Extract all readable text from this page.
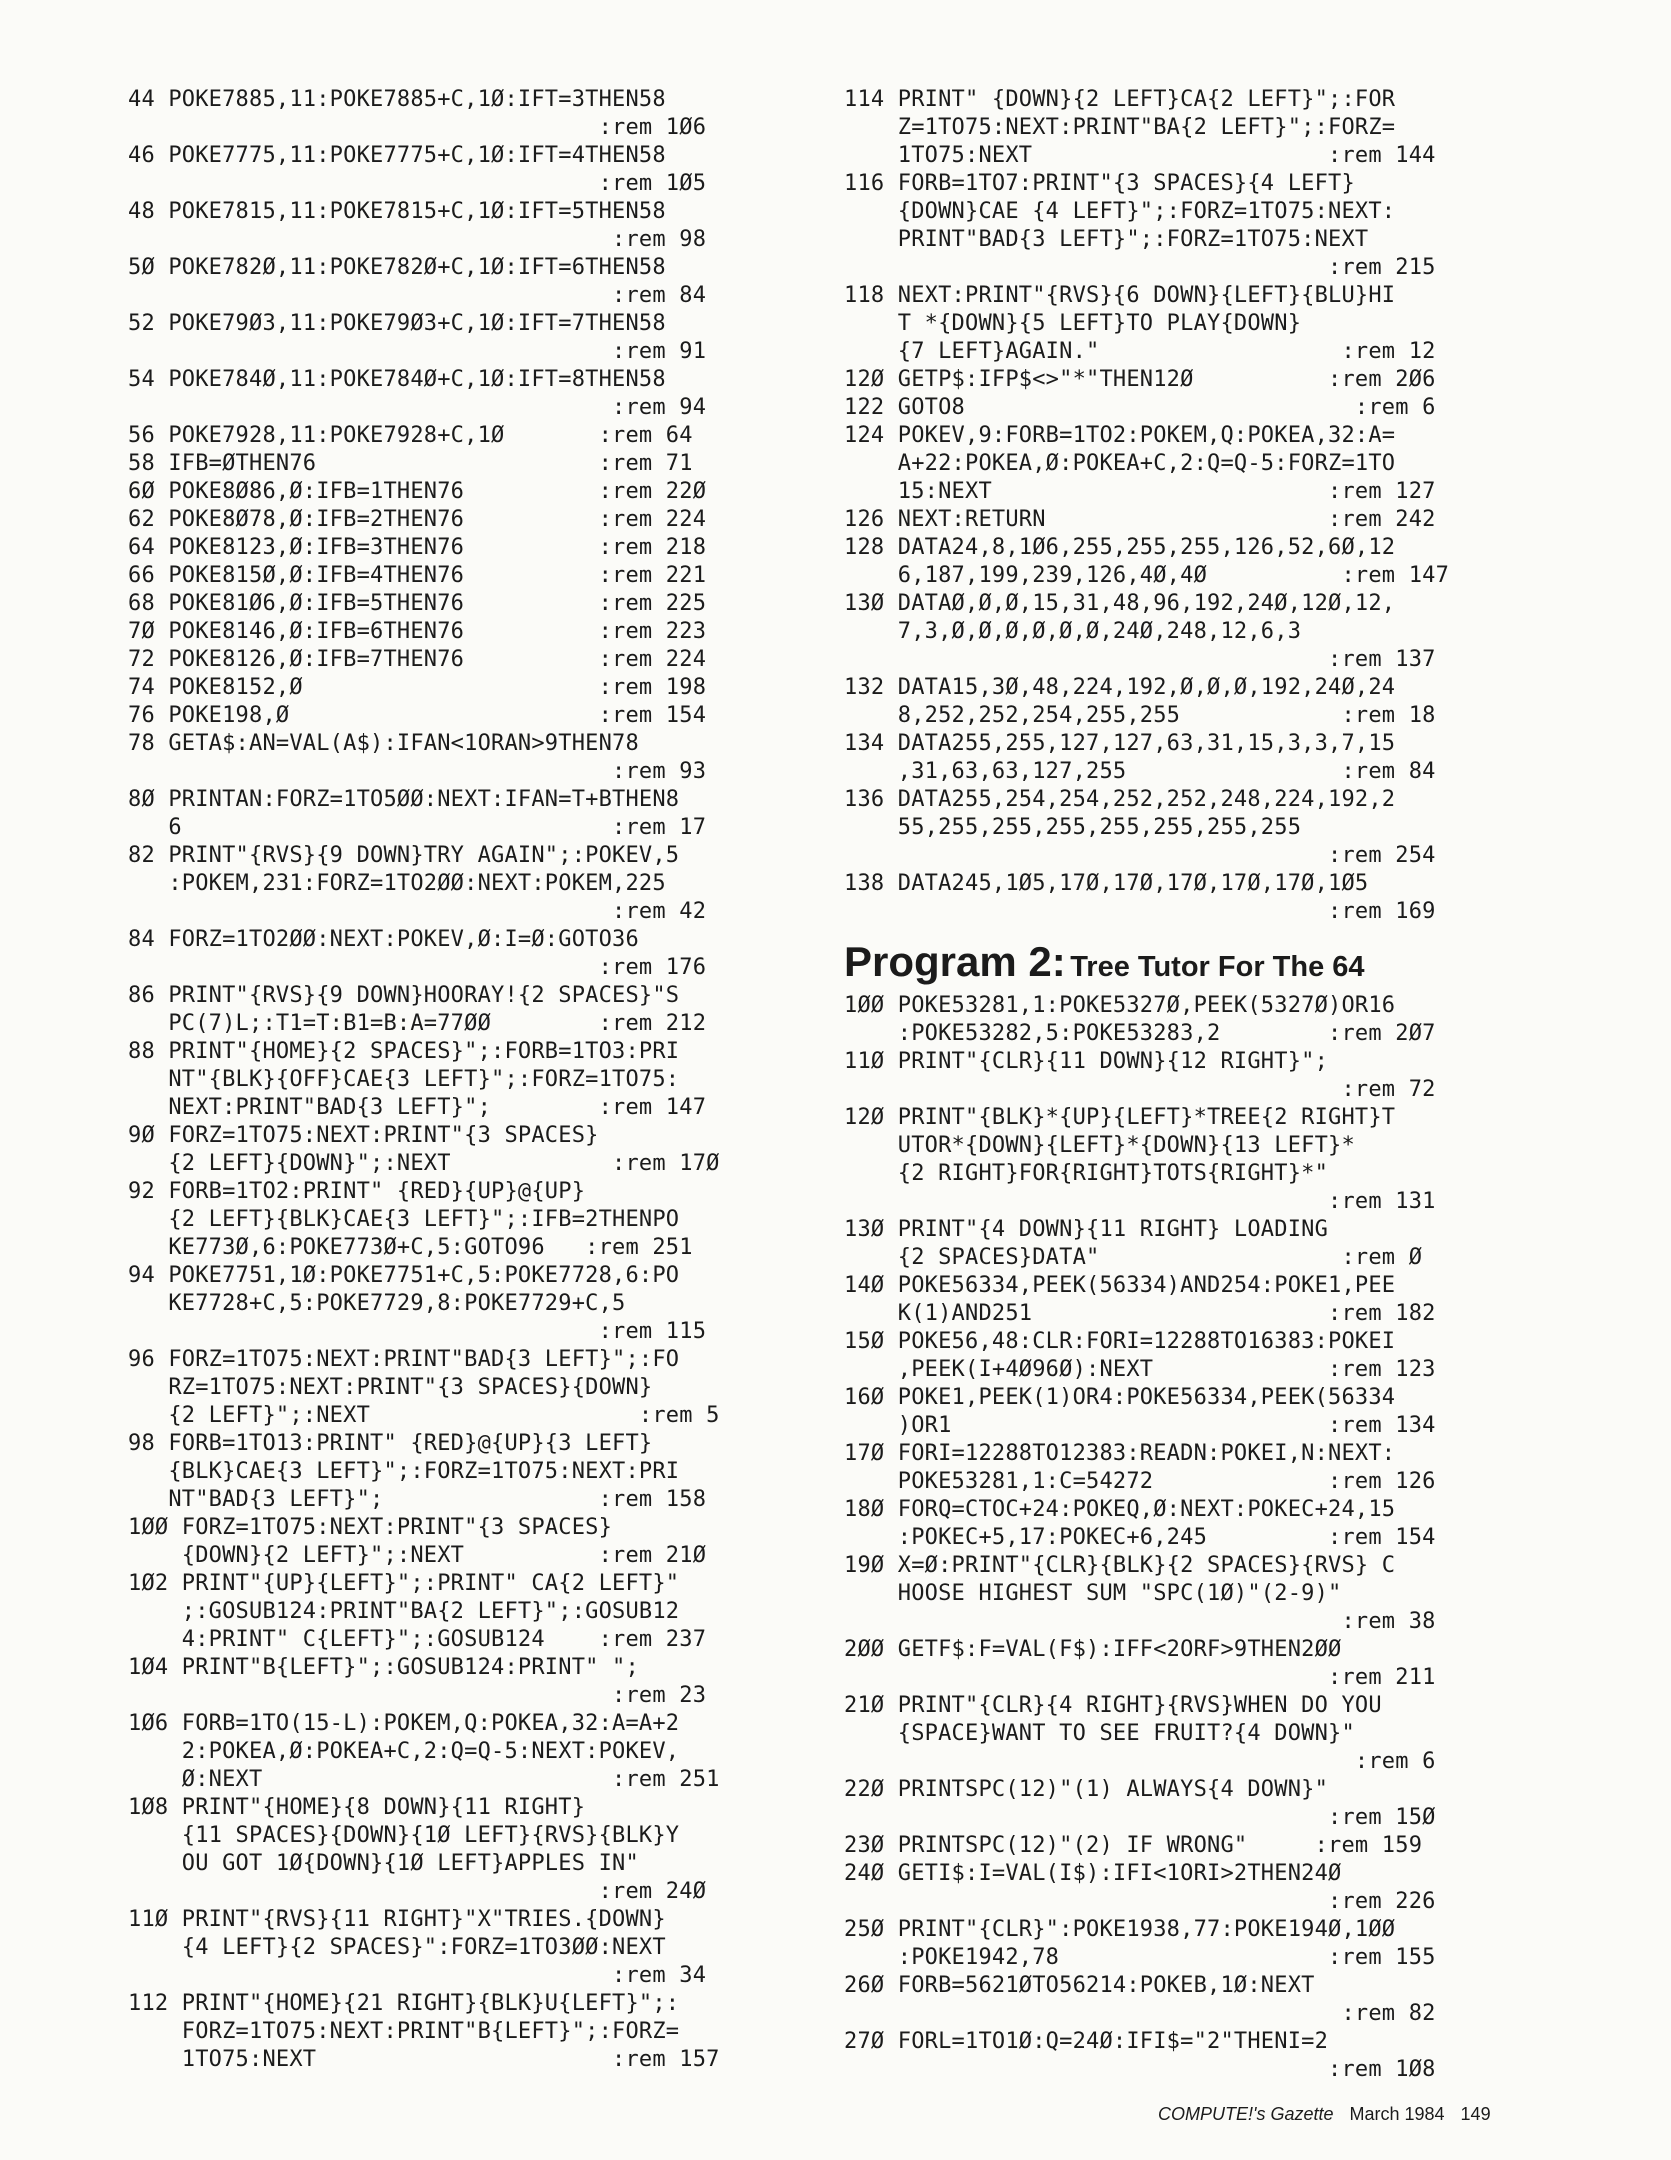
44 POKE7885,11:POKE7885+C,1Ø:IFT=3THEN58
:rem 1Ø6
46 POKE7775,11:POKE7775+C,1Ø:IFT=4THEN58
:rem 1Ø5
48 POKE7815,11:POKE7815+C,1Ø:IFT=5THEN58
:rem 98
5Ø POKE782Ø,11:POKE782Ø+C,1Ø:IFT=6THEN58
:rem 84
52 POKE79Ø3,11:POKE79Ø3+C,1Ø:IFT=7THEN58
:rem 91
54 POKE784Ø,11:POKE784Ø+C,1Ø:IFT=8THEN58
:rem 94
56 POKE7928,11:POKE7928+C,1Ø       :rem 64
58 IFB=ØTHEN76                     :rem 71
6Ø POKE8Ø86,Ø:IFB=1THEN76          :rem 22Ø
62 POKE8Ø78,Ø:IFB=2THEN76          :rem 224
64 POKE8123,Ø:IFB=3THEN76          :rem 218
66 POKE815Ø,Ø:IFB=4THEN76          :rem 221
68 POKE81Ø6,Ø:IFB=5THEN76          :rem 225
7Ø POKE8146,Ø:IFB=6THEN76          :rem 223
72 POKE8126,Ø:IFB=7THEN76          :rem 224
74 POKE8152,Ø                      :rem 198
76 POKE198,Ø                       :rem 154
78 GETA$:AN=VAL(A$):IFAN<1ORAN>9THEN78
:rem 93
8Ø PRINTAN:FORZ=1TO5ØØ:NEXT:IFAN=T+BTHEN8
6                                :rem 17
82 PRINT"{RVS}{9 DOWN}TRY AGAIN";:POKEV,5
:POKEM,231:FORZ=1TO2ØØ:NEXT:POKEM,225
:rem 42
84 FORZ=1TO2ØØ:NEXT:POKEV,Ø:I=Ø:GOTO36
:rem 176
86 PRINT"{RVS}{9 DOWN}HOORAY!{2 SPACES}"S
PC(7)L;:T1=T:B1=B:A=77ØØ        :rem 212
88 PRINT"{HOME}{2 SPACES}";:FORB=1TO3:PRI
NT"{BLK}{OFF}CAE{3 LEFT}";:FORZ=1TO75:
NEXT:PRINT"BAD{3 LEFT}";        :rem 147
9Ø FORZ=1TO75:NEXT:PRINT"{3 SPACES}
{2 LEFT}{DOWN}";:NEXT            :rem 17Ø
92 FORB=1TO2:PRINT" {RED}{UP}@{UP}
{2 LEFT}{BLK}CAE{3 LEFT}";:IFB=2THENPO
KE773Ø,6:POKE773Ø+C,5:GOTO96   :rem 251
94 POKE7751,1Ø:POKE7751+C,5:POKE7728,6:PO
KE7728+C,5:POKE7729,8:POKE7729+C,5
:rem 115
96 FORZ=1TO75:NEXT:PRINT"BAD{3 LEFT}";:FO
RZ=1TO75:NEXT:PRINT"{3 SPACES}{DOWN}
{2 LEFT}";:NEXT                    :rem 5
98 FORB=1TO13:PRINT" {RED}@{UP}{3 LEFT}
{BLK}CAE{3 LEFT}";:FORZ=1TO75:NEXT:PRI
NT"BAD{3 LEFT}";                :rem 158
1ØØ FORZ=1TO75:NEXT:PRINT"{3 SPACES}
{DOWN}{2 LEFT}";:NEXT          :rem 21Ø
1Ø2 PRINT"{UP}{LEFT}";:PRINT" CA{2 LEFT}"
;:GOSUB124:PRINT"BA{2 LEFT}";:GOSUB12
4:PRINT" C{LEFT}";:GOSUB124    :rem 237
1Ø4 PRINT"B{LEFT}";:GOSUB124:PRINT" ";
:rem 23
1Ø6 FORB=1TO(15-L):POKEM,Q:POKEA,32:A=A+2
2:POKEA,Ø:POKEA+C,2:Q=Q-5:NEXT:POKEV,
Ø:NEXT                          :rem 251
1Ø8 PRINT"{HOME}{8 DOWN}{11 RIGHT}
{11 SPACES}{DOWN}{1Ø LEFT}{RVS}{BLK}Y
OU GOT 1Ø{DOWN}{1Ø LEFT}APPLES IN"
:rem 24Ø
11Ø PRINT"{RVS}{11 RIGHT}"X"TRIES.{DOWN}
{4 LEFT}{2 SPACES}":FORZ=1TO3ØØ:NEXT
:rem 34
112 PRINT"{HOME}{21 RIGHT}{BLK}U{LEFT}";:
FORZ=1TO75:NEXT:PRINT"B{LEFT}";:FORZ=
1TO75:NEXT                      :rem 157
114 PRINT" {DOWN}{2 LEFT}CA{2 LEFT}";:FOR
Z=1TO75:NEXT:PRINT"BA{2 LEFT}";:FORZ=
1TO75:NEXT                      :rem 144
116 FORB=1TO7:PRINT"{3 SPACES}{4 LEFT}
{DOWN}CAE {4 LEFT}";:FORZ=1TO75:NEXT:
PRINT"BAD{3 LEFT}";:FORZ=1TO75:NEXT
:rem 215
118 NEXT:PRINT"{RVS}{6 DOWN}{LEFT}{BLU}HI
T *{DOWN}{5 LEFT}TO PLAY{DOWN}
{7 LEFT}AGAIN."                  :rem 12
12Ø GETP$:IFP$<>"*"THEN12Ø          :rem 2Ø6
122 GOTO8                             :rem 6
124 POKEV,9:FORB=1TO2:POKEM,Q:POKEA,32:A=
A+22:POKEA,Ø:POKEA+C,2:Q=Q-5:FORZ=1TO
15:NEXT                         :rem 127
126 NEXT:RETURN                     :rem 242
128 DATA24,8,1Ø6,255,255,255,126,52,6Ø,12
6,187,199,239,126,4Ø,4Ø          :rem 147
13Ø DATAØ,Ø,Ø,15,31,48,96,192,24Ø,12Ø,12,
7,3,Ø,Ø,Ø,Ø,Ø,Ø,24Ø,248,12,6,3
:rem 137
132 DATA15,3Ø,48,224,192,Ø,Ø,Ø,192,24Ø,24
8,252,252,254,255,255            :rem 18
134 DATA255,255,127,127,63,31,15,3,3,7,15
,31,63,63,127,255                :rem 84
136 DATA255,254,254,252,252,248,224,192,2
55,255,255,255,255,255,255,255
:rem 254
138 DATA245,1Ø5,17Ø,17Ø,17Ø,17Ø,17Ø,1Ø5
:rem 169
Program 2: Tree Tutor For The 64
1ØØ POKE53281,1:POKE5327Ø,PEEK(5327Ø)OR16
:POKE53282,5:POKE53283,2        :rem 2Ø7
11Ø PRINT"{CLR}{11 DOWN}{12 RIGHT}";
:rem 72
12Ø PRINT"{BLK}*{UP}{LEFT}*TREE{2 RIGHT}T
UTOR*{DOWN}{LEFT}*{DOWN}{13 LEFT}*
{2 RIGHT}FOR{RIGHT}TOTS{RIGHT}*"
:rem 131
13Ø PRINT"{4 DOWN}{11 RIGHT} LOADING
{2 SPACES}DATA"                  :rem Ø
14Ø POKE56334,PEEK(56334)AND254:POKE1,PEE
K(1)AND251                      :rem 182
15Ø POKE56,48:CLR:FORI=12288TO16383:POKEI
,PEEK(I+4Ø96Ø):NEXT             :rem 123
16Ø POKE1,PEEK(1)OR4:POKE56334,PEEK(56334
)OR1                            :rem 134
17Ø FORI=12288TO12383:READN:POKEI,N:NEXT:
POKE53281,1:C=54272             :rem 126
18Ø FORQ=CTOC+24:POKEQ,Ø:NEXT:POKEC+24,15
:POKEC+5,17:POKEC+6,245         :rem 154
19Ø X=Ø:PRINT"{CLR}{BLK}{2 SPACES}{RVS} C
HOOSE HIGHEST SUM "SPC(1Ø)"(2-9)"
:rem 38
2ØØ GETF$:F=VAL(F$):IFF<2ORF>9THEN2ØØ
:rem 211
21Ø PRINT"{CLR}{4 RIGHT}{RVS}WHEN DO YOU
{SPACE}WANT TO SEE FRUIT?{4 DOWN}"
:rem 6
22Ø PRINTSPC(12)"(1) ALWAYS{4 DOWN}"
:rem 15Ø
23Ø PRINTSPC(12)"(2) IF WRONG"     :rem 159
24Ø GETI$:I=VAL(I$):IFI<1ORI>2THEN24Ø
:rem 226
25Ø PRINT"{CLR}":POKE1938,77:POKE194Ø,1ØØ
:POKE1942,78                    :rem 155
26Ø FORB=5621ØTO56214:POKEB,1Ø:NEXT
:rem 82
27Ø FORL=1TO1Ø:Q=24Ø:IFI$="2"THENI=2
:rem 1Ø8
COMPUTE!'s Gazette March 1984 149
